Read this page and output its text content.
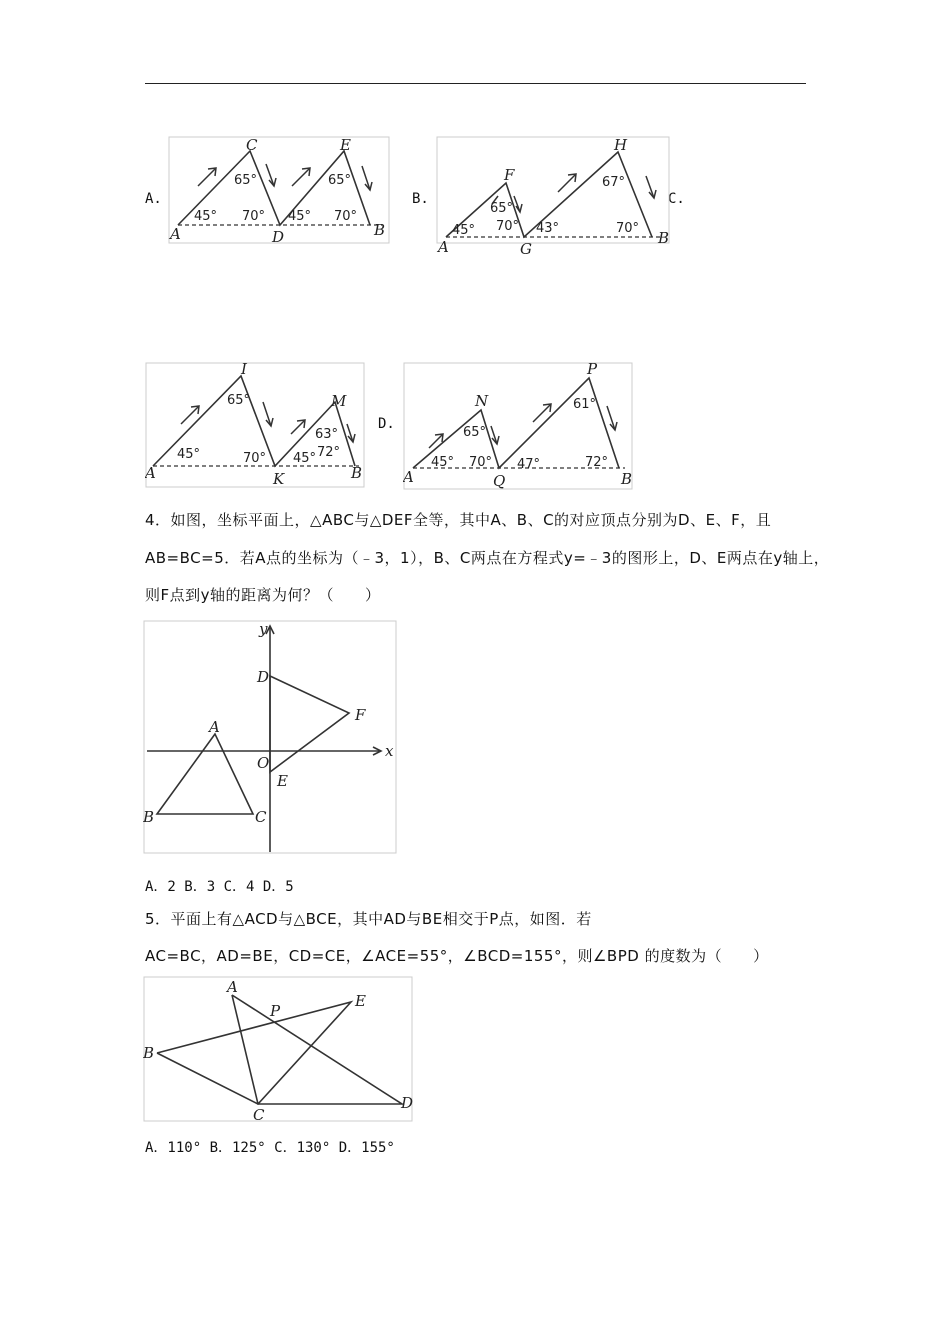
A.	B.	C.
D.
A
C
D
E
B
45°
65°
70° 45°
65°
70°
A
F
G
H
B
45°
65°
70° 43°
67°
70°
A
I
K
M
B
45°
65°
70° 45°
63°
72°
A
N
Q
P
B
45°
65°
70° 47°
61°
72°
4．如图，坐标平面上，△ABC与△DEF全等，其中A、B、C的对应顶点分别为D、E、F，且
AB=BC=5．若A点的坐标为（﹣3，1），B、C两点在方程式y=﹣3的图形上，D、E两点在y轴上，
则F点到y轴的距离为何？（　　）
y
x
O
A
B	C
D
E
F
A．2 B．3 C．4 D．5
5．平面上有△ACD与△BCE，其中AD与BE相交于P点，如图．若
AC=BC，AD=BE，CD=CE，∠ACE=55°，∠BCD=155°，则∠BPD 的度数为（　　）
A
B
C
D
E
P
A．110° B．125° C．130° D．155°
